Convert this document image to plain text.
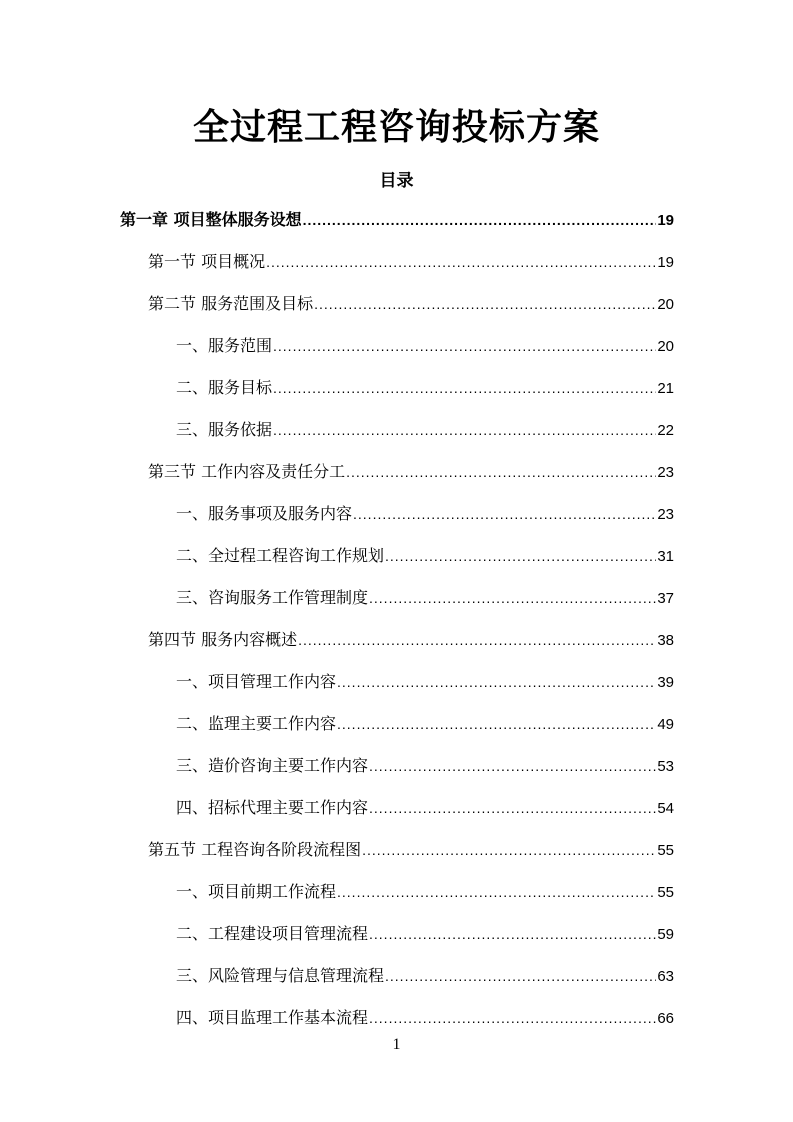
全过程工程咨询投标方案
目录
第一章 项目整体服务设想 .....	19
第一节 项目概况 .....	19
第二节 服务范围及目标 .....	20
一、服务范围 .....	20
二、服务目标 .....	21
三、服务依据 .....	22
第三节 工作内容及责任分工 .....	23
一、服务事项及服务内容 .....	23
二、全过程工程咨询工作规划 .....	31
三、咨询服务工作管理制度 .....	37
第四节 服务内容概述 .....	38
一、项目管理工作内容 .....	39
二、监理主要工作内容 .....	49
三、造价咨询主要工作内容 .....	53
四、招标代理主要工作内容 .....	54
第五节 工程咨询各阶段流程图 .....	55
一、项目前期工作流程 .....	55
二、工程建设项目管理流程 .....	59
三、风险管理与信息管理流程 .....	63
四、项目监理工作基本流程 .....	66
1
